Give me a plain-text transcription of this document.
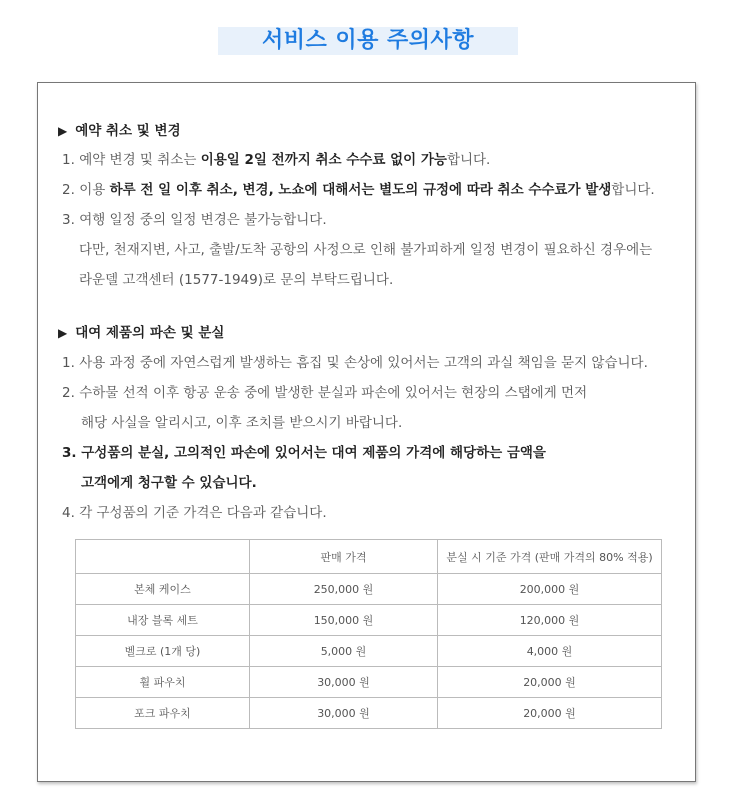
서비스 이용 주의사항
▶ 예약 취소 및 변경
1. 예약 변경 및 취소는 이용일 2일 전까지 취소 수수료 없이 가능합니다.
2. 이용 하루 전 일 이후 취소, 변경, 노쇼에 대해서는 별도의 규정에 따라 취소 수수료가 발생합니다.
3. 여행 일정 중의 일정 변경은 불가능합니다.
다만, 천재지변, 사고, 출발/도착 공항의 사정으로 인해 불가피하게 일정 변경이 필요하신 경우에는
라운델 고객센터 (1577-1949)로 문의 부탁드립니다.
▶ 대여 제품의 파손 및 분실
1. 사용 과정 중에 자연스럽게 발생하는 흠집 및 손상에 있어서는 고객의 과실 책임을 묻지 않습니다.
2. 수하물 선적 이후 항공 운송 중에 발생한 분실과 파손에 있어서는 현장의 스탭에게 먼저
해당 사실을 알리시고, 이후 조치를 받으시기 바랍니다.
3. 구성품의 분실, 고의적인 파손에 있어서는 대여 제품의 가격에 해당하는 금액을
고객에게 청구할 수 있습니다.
4. 각 구성품의 기준 가격은 다음과 같습니다.
	판매 가격	분실 시 기준 가격 (판매 가격의 80% 적용)
본체 케이스	250,000 원	200,000 원
내장 블록 세트	150,000 원	120,000 원
벨크로 (1개 당)	5,000 원	4,000 원
휠 파우치	30,000 원	20,000 원
포크 파우치	30,000 원	20,000 원
